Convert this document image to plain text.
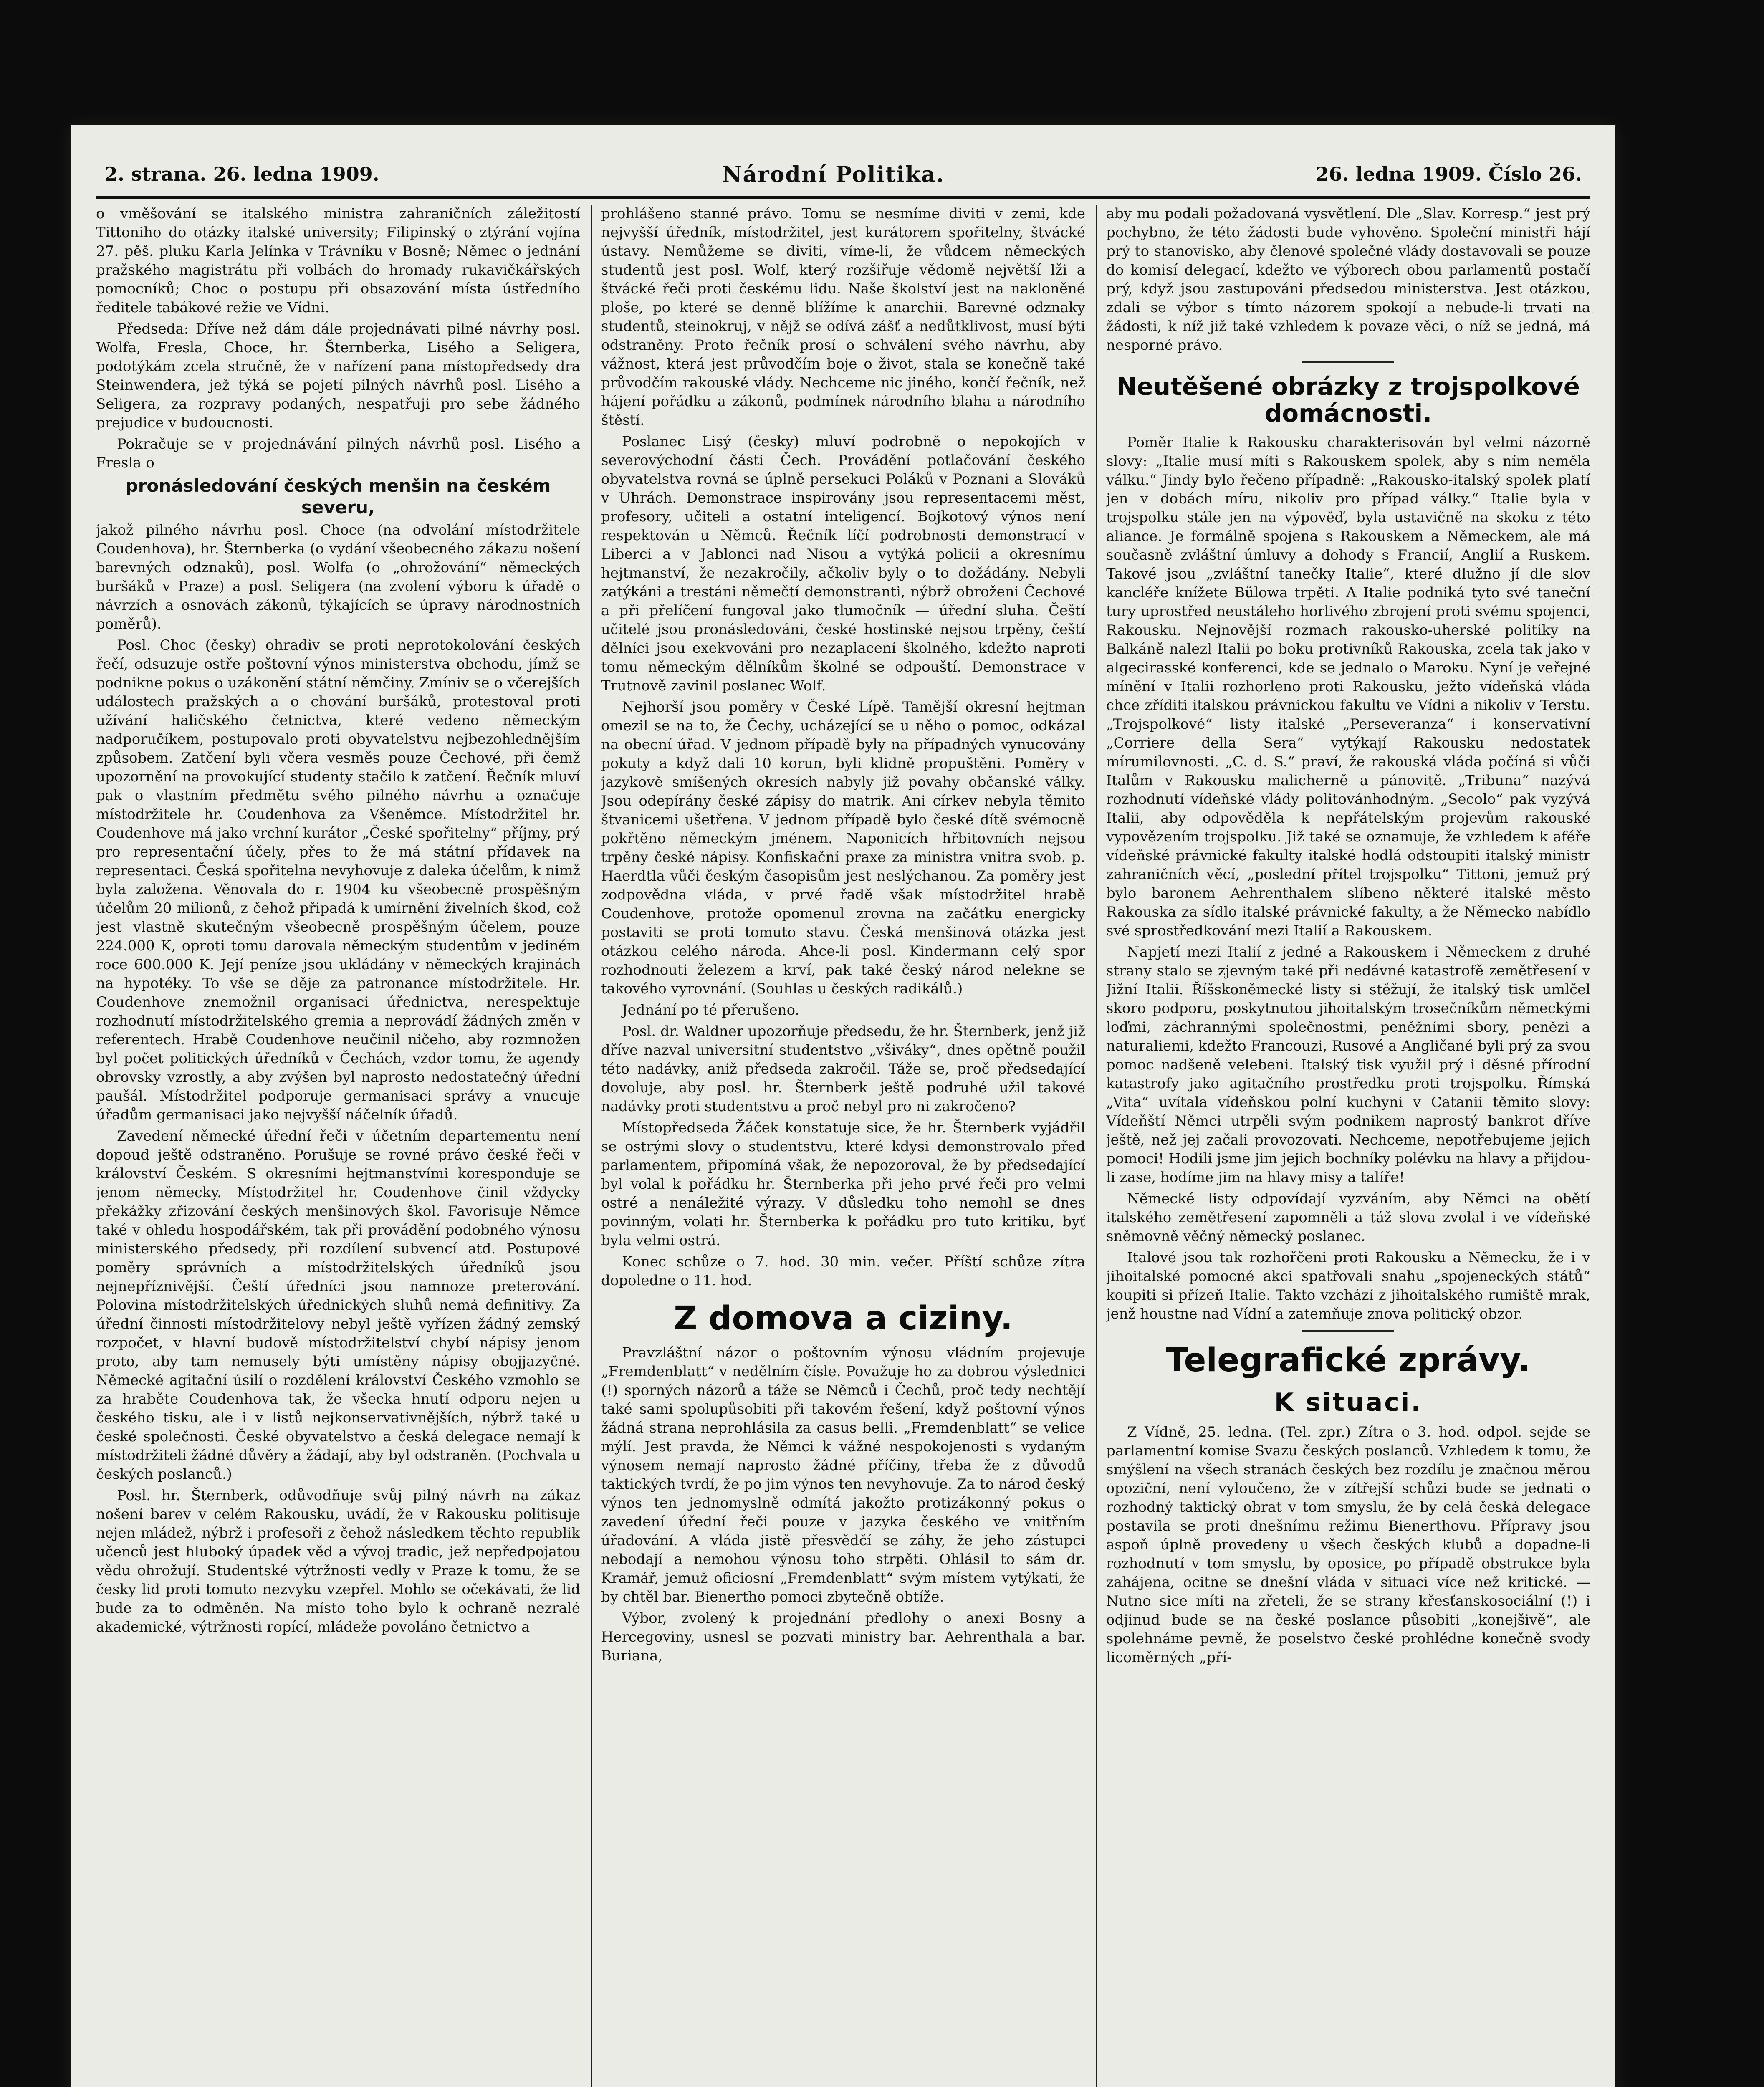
2. strana. 26. ledna 1909.	Národní Politika.	26. ledna 1909. Číslo 26.

o vměšování se italského ministra zahraničních záležitostí Tittoniho do otázky italské university; Filipinský o ztýrání vojína 27. pěš. pluku Karla Jelínka v Trávníku v Bosně; Němec o jednání pražského magistrátu při volbách do hromady rukavičkářských pomocníků; Choc o postupu při obsazování místa ústředního ředitele tabákové režie ve Vídni.

Předseda: Dříve než dám dále projednávati pilné návrhy posl. Wolfa, Fresla, Choce, hr. Šternberka, Lisého a Seligera, podotýkám zcela stručně, že v nařízení pana místopředsedy dra Steinwendera, jež týká se pojetí pilných návrhů posl. Lisého a Seligera, za rozpravy podaných, nespatřuji pro sebe žádného prejudice v budoucnosti.

Pokračuje se v projednávání pilných návrhů posl. Lisého a Fresla o

pronásledování českých menšin na českém severu,

jakož pilného návrhu posl. Choce (na odvolání místodržitele Coudenhova), hr. Šternberka (o vydání všeobecného zákazu nošení barevných odznaků), posl. Wolfa (o „ohrožování“ německých buršáků v Praze) a posl. Seligera (na zvolení výboru k úřadě o návrzích a osnovách zákonů, týkajících se úpravy národnostních poměrů).

Posl. Choc (česky) ohradiv se proti neprotokolování českých řečí, odsuzuje ostře poštovní výnos ministerstva obchodu, jímž se podnikne pokus o uzákonění státní němčiny. Zmíniv se o včerejších událostech pražských a o chování buršáků, protestoval proti užívání haličského četnictva, které vedeno německým nadporučíkem, postupovalo proti obyvatelstvu nejbezohlednějším způsobem. Zatčení byli včera vesměs pouze Čechové, při čemž upozornění na provokující studenty stačilo k zatčení. Řečník mluví pak o vlastním předmětu svého pilného návrhu a označuje místodržitele hr. Coudenhova za Všeněmce. Místodržitel hr. Coudenhove má jako vrchní kurátor „České spořitelny“ příjmy, prý pro representační účely, přes to že má státní přídavek na representaci. Česká spořitelna nevyhovuje z daleka účelům, k nimž byla založena. Věnovala do r. 1904 ku všeobecně prospěšným účelům 20 milionů, z čehož připadá k umírnění živelních škod, což jest vlastně skutečným všeobecně prospěšným účelem, pouze 224.000 K, oproti tomu darovala německým studentům v jediném roce 600.000 K. Její peníze jsou ukládány v německých krajinách na hypotéky. To vše se děje za patronance místodržitele. Hr. Coudenhove znemožnil organisaci úřednictva, nerespektuje rozhodnutí místodržitelského gremia a neprovádí žádných změn v referentech. Hrabě Coudenhove neučinil ničeho, aby rozmnožen byl počet politických úředníků v Čechách, vzdor tomu, že agendy obrovsky vzrostly, a aby zvýšen byl naprosto nedostatečný úřední paušál. Místodržitel podporuje germanisaci správy a vnucuje úřadům germanisaci jako nejvyšší náčelník úřadů.

Zavedení německé úřední řeči v účetním departementu není dopoud ještě odstraněno. Porušuje se rovné právo české řeči v království Českém. S okresními hejtmanstvími koresponduje se jenom německy. Místodržitel hr. Coudenhove činil vždycky překážky zřizování českých menšinových škol. Favorisuje Němce také v ohledu hospodářském, tak při provádění podobného výnosu ministerského předsedy, při rozdílení subvencí atd. Postupové poměry správních a místodržitelských úředníků jsou nejnepříznivější. Čeští úředníci jsou namnoze preterování. Polovina místodržitelských úřednických sluhů nemá definitivy. Za úřední činnosti místodržitelovy nebyl ještě vyřízen žádný zemský rozpočet, v hlavní budově místodržitelství chybí nápisy jenom proto, aby tam nemusely býti umístěny nápisy obojjazyčné. Německé agitační úsilí o rozdělení království Českého vzmohlo se za hraběte Coudenhova tak, že všecka hnutí odporu nejen u českého tisku, ale i v listů nejkonservativnějších, nýbrž také u české společnosti. České obyvatelstvo a česká delegace nemají k místodržiteli žádné důvěry a žádají, aby byl odstraněn. (Pochvala u českých poslanců.)

Posl. hr. Šternberk, odůvodňuje svůj pilný návrh na zákaz nošení barev v celém Rakousku, uvádí, že v Rakousku politisuje nejen mládež, nýbrž i profesoři z čehož následkem těchto republik učenců jest hluboký úpadek věd a vývoj tradic, jež nepředpojatou vědu ohrožují. Studentské výtržnosti vedly v Praze k tomu, že se česky lid proti tomuto nezvyku vzepřel. Mohlo se očekávati, že lid bude za to odměněn. Na místo toho bylo k ochraně nezralé akademické, výtržnosti ropící, mládeže povoláno četnictvo a

prohlášeno stanné právo. Tomu se nesmíme diviti v zemi, kde nejvyšší úředník, místodržitel, jest kurátorem spořitelny, štvácké ústavy. Nemůžeme se diviti, víme-li, že vůdcem německých studentů jest posl. Wolf, který rozšiřuje vědomě největší lži a štvácké řeči proti českému lidu. Naše školství jest na nakloněné ploše, po které se denně blížíme k anarchii. Barevné odznaky studentů, steinokruj, v nějž se odívá zášť a nedůtklivost, musí býti odstraněny. Proto řečník prosí o schválení svého návrhu, aby vážnost, která jest průvodčím boje o život, stala se konečně také průvodčím rakouské vlády. Nechceme nic jiného, končí řečník, než hájení pořádku a zákonů, podmínek národního blaha a národního štěstí.

Poslanec Lisý (česky) mluví podrobně o nepokojích v severovýchodní části Čech. Provádění potlačování českého obyvatelstva rovná se úplně persekuci Poláků v Poznani a Slováků v Uhrách. Demonstrace inspirovány jsou representacemi měst, profesory, učiteli a ostatní inteligencí. Bojkotový výnos není respektován u Němců. Řečník líčí podrobnosti demonstrací v Liberci a v Jablonci nad Nisou a vytýká policii a okresnímu hejtmanství, že nezakročily, ačkoliv byly o to dožádány. Nebyli zatýkáni a trestáni němečtí demonstranti, nýbrž obroženi Čechové a při přelíčení fungoval jako tlumočník — úřední sluha. Čeští učitelé jsou pronásledováni, české hostinské nejsou trpěny, čeští dělníci jsou exekvováni pro nezaplacení školného, kdežto naproti tomu německým dělníkům školné se odpouští. Demonstrace v Trutnově zavinil poslanec Wolf.

Nejhorší jsou poměry v České Lípě. Tamější okresní hejtman omezil se na to, že Čechy, ucházející se u něho o pomoc, odkázal na obecní úřad. V jednom případě byly na případných vynucovány pokuty a když dali 10 korun, byli klidně propuštěni. Poměry v jazykově smíšených okresích nabyly již povahy občanské války. Jsou odepírány české zápisy do matrik. Ani církev nebyla těmito štvanicemi ušetřena. V jednom případě bylo české dítě svémocně pokřtěno německým jménem. Naponicích hřbitovních nejsou trpěny české nápisy. Konfiskační praxe za ministra vnitra svob. p. Haerdtla vůči českým časopisům jest neslýchanou. Za poměry jest zodpovědna vláda, v prvé řadě však místodržitel hrabě Coudenhove, protože opomenul zrovna na začátku energicky postaviti se proti tomuto stavu. Česká menšinová otázka jest otázkou celého národa. Ahce-li posl. Kindermann celý spor rozhodnouti železem a krví, pak také český národ nelekne se takového vyrovnání. (Souhlas u českých radikálů.)

Jednání po té přerušeno.

Posl. dr. Waldner upozorňuje předsedu, že hr. Šternberk, jenž již dříve nazval universitní studentstvo „všiváky“, dnes opětně použil této nadávky, aniž předseda zakročil. Táže se, proč předsedající dovoluje, aby posl. hr. Šternberk ještě podruhé užil takové nadávky proti studentstvu a proč nebyl pro ni zakročeno?

Místopředseda Žáček konstatuje sice, že hr. Šternberk vyjádřil se ostrými slovy o studentstvu, které kdysi demonstrovalo před parlamentem, připomíná však, že nepozoroval, že by předsedající byl volal k pořádku hr. Šternberka při jeho prvé řeči pro velmi ostré a nenáležité výrazy. V důsledku toho nemohl se dnes povinným, volati hr. Šternberka k pořádku pro tuto kritiku, byť byla velmi ostrá.

Konec schůze o 7. hod. 30 min. večer. Příští schůze zítra dopoledne o 11. hod.

Z domova a ciziny.

Pravzláštní názor o poštovním výnosu vládním projevuje „Fremdenblatt“ v nedělním čísle. Považuje ho za dobrou výslednici (!) sporných názorů a táže se Němců i Čechů, proč tedy nechtějí také sami spolupůsobiti při takovém řešení, když poštovní výnos žádná strana neprohlásila za casus belli. „Fremdenblatt“ se velice mýlí. Jest pravda, že Němci k vážné nespokojenosti s vydaným výnosem nemají naprosto žádné příčiny, třeba že z důvodů taktických tvrdí, že po jim výnos ten nevyhovuje. Za to národ český výnos ten jednomyslně odmítá jakožto protizákonný pokus o zavedení úřední řeči pouze v jazyka českého ve vnitřním úřadování. A vláda jistě přesvědčí se záhy, že jeho zástupci nebodají a nemohou výnosu toho strpěti. Ohlásil to sám dr. Kramář, jemuž oficiosní „Fremdenblatt“ svým místem vytýkati, že by chtěl bar. Bienertho pomoci zbytečně obtíže.

Výbor, zvolený k projednání předlohy o anexi Bosny a Hercegoviny, usnesl se pozvati ministry bar. Aehrenthala a bar. Buriana,

aby mu podali požadovaná vysvětlení. Dle „Slav. Korresp.“ jest prý pochybno, že této žádosti bude vyhověno. Společní ministři hájí prý to stanovisko, aby členové společné vlády dostavovali se pouze do komisí delegací, kdežto ve výborech obou parlamentů postačí prý, když jsou zastupováni předsedou ministerstva. Jest otázkou, zdali se výbor s tímto názorem spokojí a nebude-li trvati na žádosti, k níž již také vzhledem k povaze věci, o níž se jedná, má nesporné právo.

Neutěšené obrázky z trojspolkové domácnosti.

Poměr Italie k Rakousku charakterisován byl velmi názorně slovy: „Italie musí míti s Rakouskem spolek, aby s ním neměla válku.“ Jindy bylo řečeno případně: „Rakousko-italský spolek platí jen v dobách míru, nikoliv pro případ války.“ Italie byla v trojspolku stále jen na výpověď, byla ustavičně na skoku z této aliance. Je formálně spojena s Rakouskem a Německem, ale má současně zvláštní úmluvy a dohody s Francií, Anglií a Ruskem. Takové jsou „zvláštní tanečky Italie“, které dlužno jí dle slov kancléře knížete Bülowa trpěti. A Italie podniká tyto své taneční tury uprostřed neustáleho horlivého zbrojení proti svému spojenci, Rakousku. Nejnovější rozmach rakousko-uherské politiky na Balkáně nalezl Italii po boku protivníků Rakouska, zcela tak jako v algecirasské konferenci, kde se jednalo o Maroku. Nyní je veřejné mínění v Italii rozhorleno proti Rakousku, ježto vídeňská vláda chce zříditi italskou právnickou fakultu ve Vídni a nikoliv v Terstu. „Trojspolkové“ listy italské „Perseveranza“ i konservativní „Corriere della Sera“ vytýkají Rakousku nedostatek mírumilovnosti. „C. d. S.“ praví, že rakouská vláda počíná si vůči Italům v Rakousku malicherně a pánovitě. „Tribuna“ nazývá rozhodnutí vídeňské vlády politovánhodným. „Secolo“ pak vyzývá Italii, aby odpověděla k nepřátelským projevům rakouské vypovězením trojspolku. Již také se oznamuje, že vzhledem k aféře vídeňské právnické fakulty italské hodlá odstoupiti italský ministr zahraničních věcí, „poslední přítel trojspolku“ Tittoni, jemuž prý bylo baronem Aehrenthalem slíbeno některé italské město Rakouska za sídlo italské právnické fakulty, a že Německo nabídlo své sprostředkování mezi Italií a Rakouskem.

Napjetí mezi Italií z jedné a Rakouskem i Německem z druhé strany stalo se zjevným také při nedávné katastrofě zemětřesení v Jižní Italii. Říšskoněmecké listy si stěžují, že italský tisk umlčel skoro podporu, poskytnutou jihoitalským trosečníkům německými loďmi, záchrannými společnostmi, peněžními sbory, penězi a naturaliemi, kdežto Francouzi, Rusové a Angličané byli prý za svou pomoc nadšeně velebeni. Italský tisk využil prý i děsné přírodní katastrofy jako agitačního prostředku proti trojspolku. Římská „Vita“ uvítala vídeňskou polní kuchyni v Catanii těmito slovy: Vídeňští Němci utrpěli svým podnikem naprostý bankrot dříve ještě, než jej začali provozovati. Nechceme, nepotřebujeme jejich pomoci! Hodili jsme jim jejich bochníky polévku na hlavy a přijdou-li zase, hodíme jim na hlavy misy a talíře!

Německé listy odpovídají vyzváním, aby Němci na obětí italského zemětřesení zapomněli a táž slova zvolal i ve vídeňské sněmovně věčný německý poslanec.

Italové jsou tak rozhořčeni proti Rakousku a Německu, že i v jihoitalské pomocné akci spatřovali snahu „spojeneckých států“ koupiti si přízeň Italie. Takto vzchází z jihoitalského rumiště mrak, jenž houstne nad Vídní a zatemňuje znova politický obzor.

Telegrafické zprávy.
K situaci.

Z Vídně, 25. ledna. (Tel. zpr.) Zítra o 3. hod. odpol. sejde se parlamentní komise Svazu českých poslanců. Vzhledem k tomu, že smýšlení na všech stranách českých bez rozdílu je značnou měrou opoziční, není vyloučeno, že v zítřejší schůzi bude se jednati o rozhodný taktický obrat v tom smyslu, že by celá česká delegace postavila se proti dnešnímu režimu Bienerthovu. Přípravy jsou aspoň úplně provedeny u všech českých klubů a dopadne-li rozhodnutí v tom smyslu, by oposice, po případě obstrukce byla zahájena, ocitne se dnešní vláda v situaci více než kritické. — Nutno sice míti na zřeteli, že se strany křesťanskosociální (!) i odjinud bude se na české poslance působiti „konejšivě“, ale spolehnáme pevně, že poselstvo české prohlédne konečně svody licoměrných „pří-
